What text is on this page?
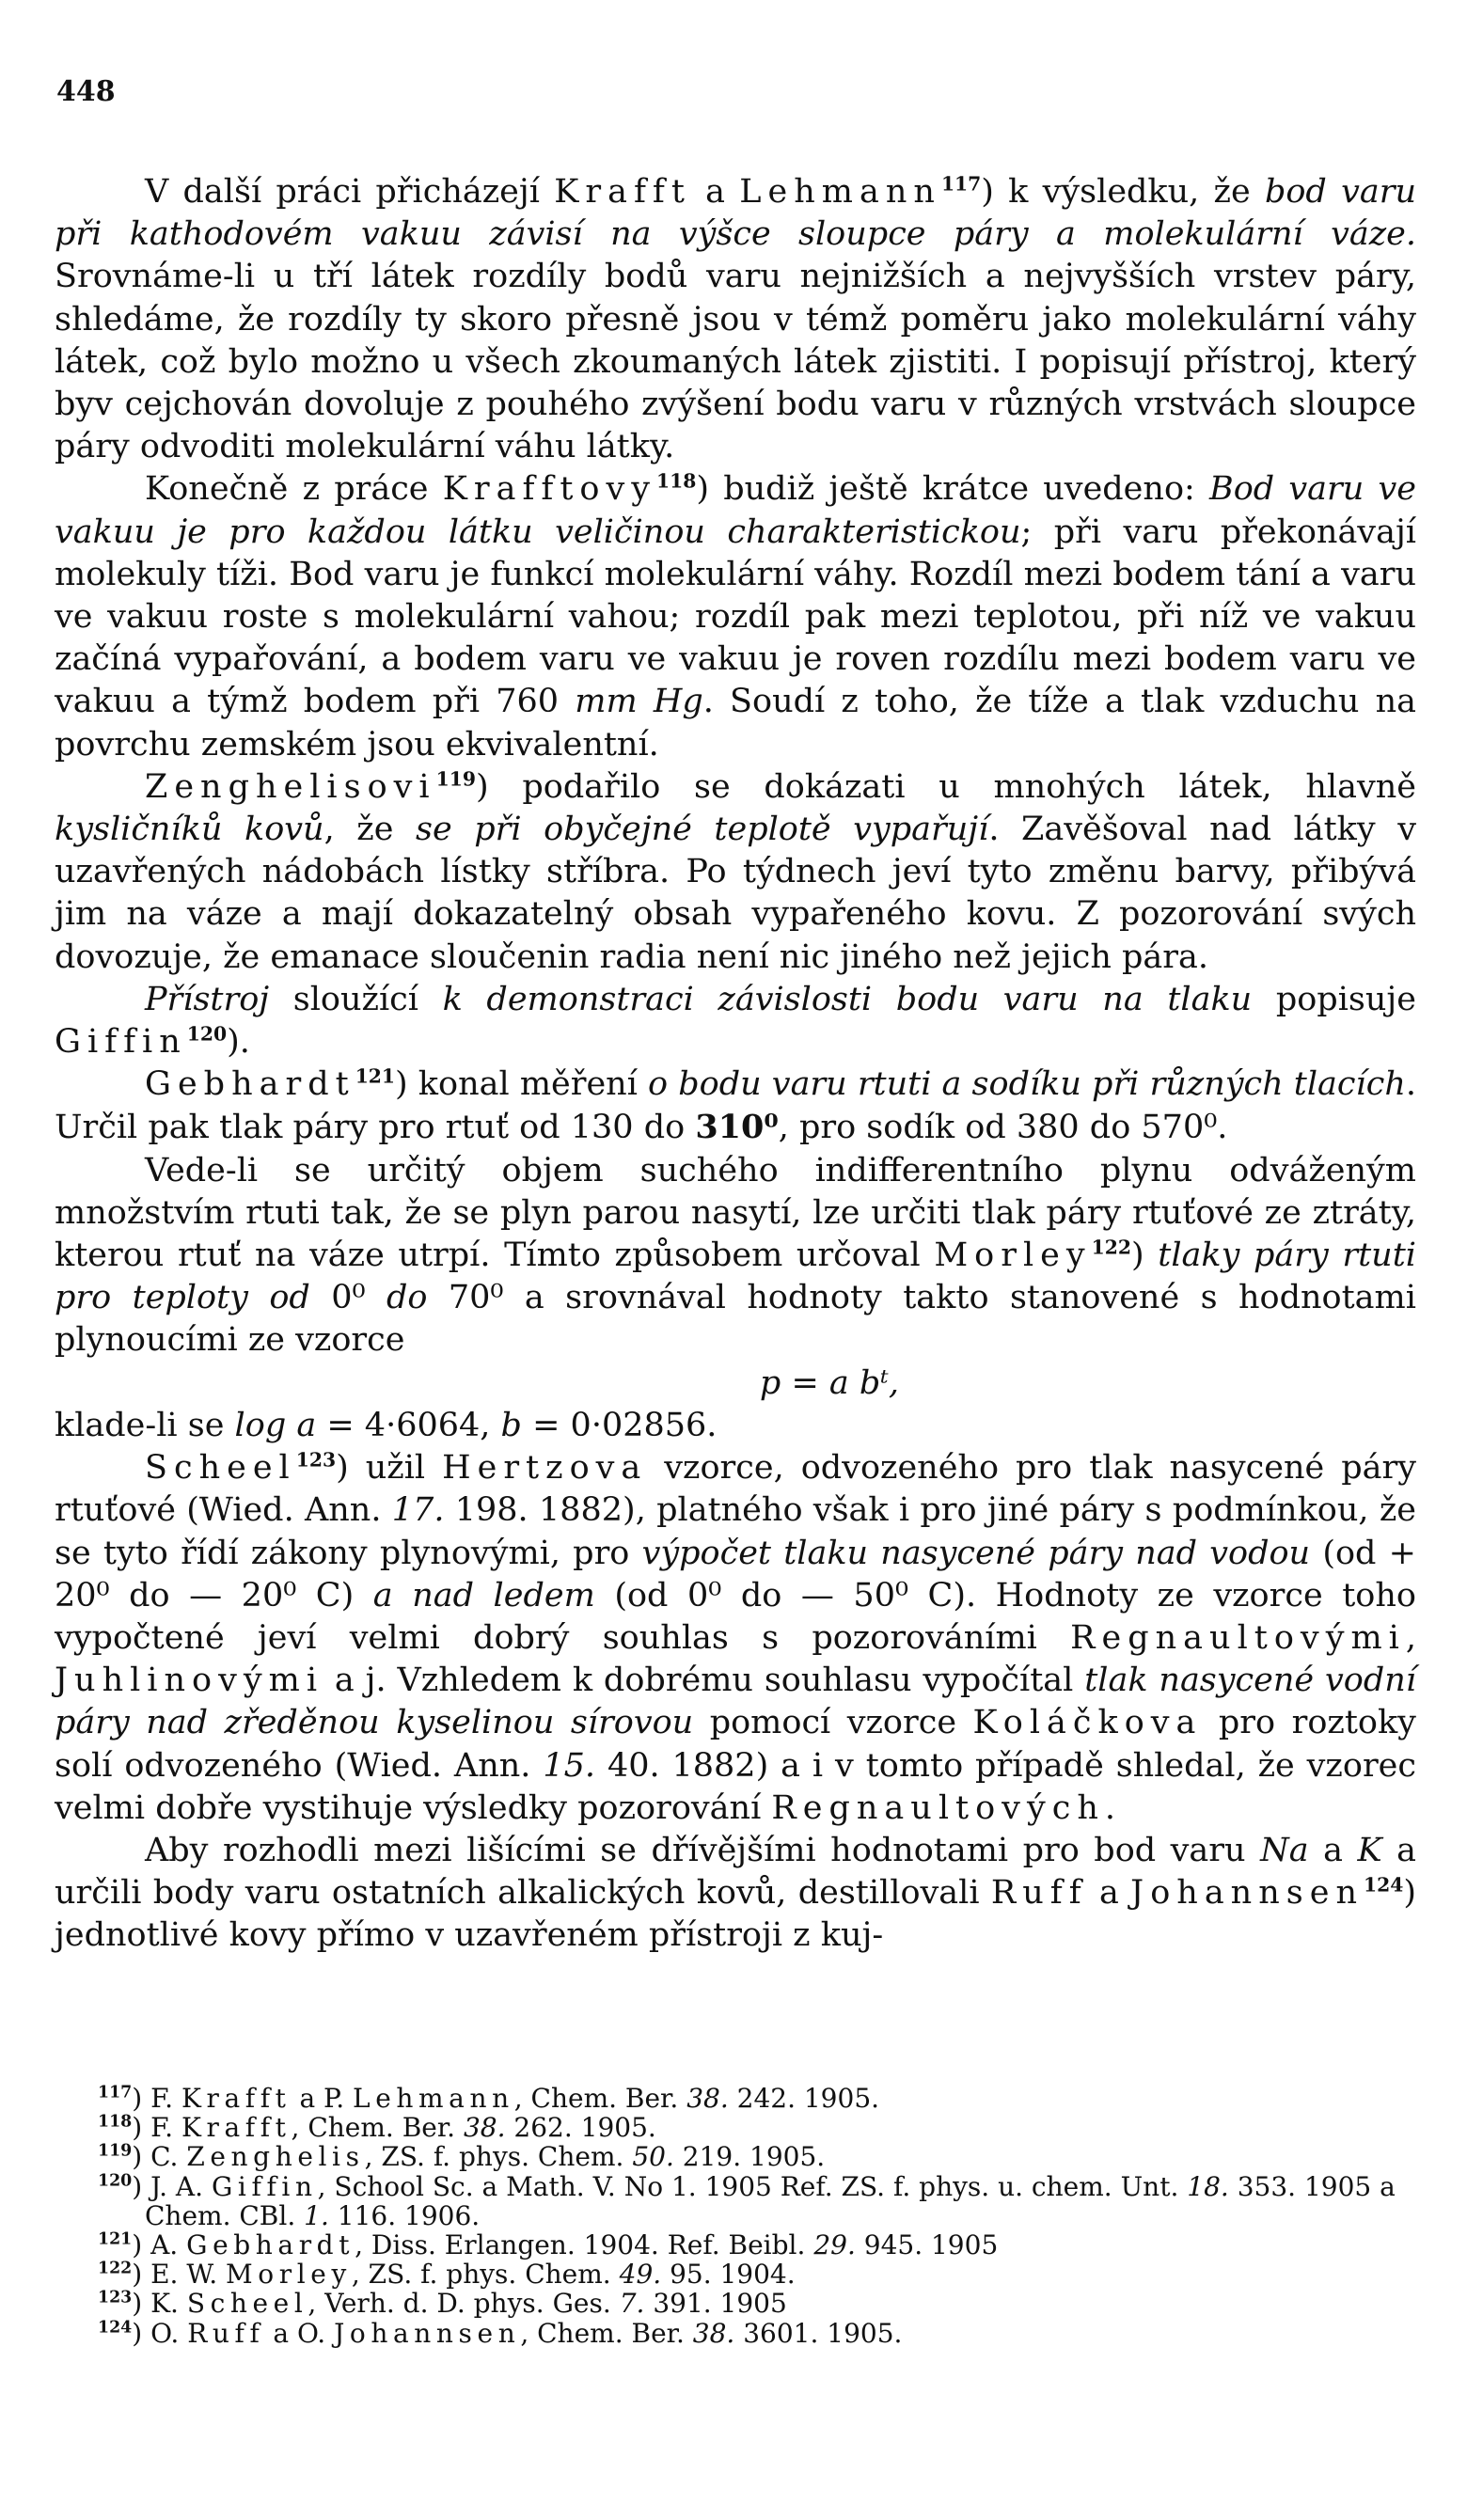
448

V další práci přicházejí Krafft a Lehmann$^{117}$) k výsledku, že bod varu při kathodovém vakuu závisí na výšce sloupce páry a molekulární váze. Srovnáme-li u tří látek rozdíly bodů varu nejnižších a nejvyšších vrstev páry, shledáme, že rozdíly ty skoro přesně jsou v témž poměru jako molekulární váhy látek, což bylo možno u všech zkoumaných látek zjistiti. I popisují přístroj, který byv cejchován dovoluje z pouhého zvýšení bodu varu v různých vrstvách sloupce páry odvoditi molekulární váhu látky.

Konečně z práce Krafftovy$^{118}$) budiž ještě krátce uvedeno: Bod varu ve vakuu je pro každou látku veličinou charakteristickou; při varu překonávají molekuly tíži. Bod varu je funkcí molekulární váhy. Rozdíl mezi bodem tání a varu ve vakuu roste s molekulární vahou; rozdíl pak mezi teplotou, při níž ve vakuu začíná vypařování, a bodem varu ve vakuu je roven rozdílu mezi bodem varu ve vakuu a týmž bodem při 760 mm Hg. Soudí z toho, že tíže a tlak vzduchu na povrchu zemském jsou ekvivalentní.

Zenghelisovi$^{119}$) podařilo se dokázati u mnohých látek, hlavně kysličníků kovů, že se při obyčejné teplotě vypařují. Zavěšoval nad látky v uzavřených nádobách lístky stříbra. Po týdnech jeví tyto změnu barvy, přibývá jim na váze a mají dokazatelný obsah vypařeného kovu. Z pozorování svých dovozuje, že emanace sloučenin radia není nic jiného než jejich pára.

Přístroj sloužící k demonstraci závislosti bodu varu na tlaku popisuje Giffin$^{120}$).

Gebhardt$^{121}$) konal měření o bodu varu rtuti a sodíku při různých tlacích. Určil pak tlak páry pro rtuť od 130 do 310⁰, pro sodík od 380 do 570⁰.

Vede-li se určitý objem suchého indifferentního plynu odváženým množstvím rtuti tak, že se plyn parou nasytí, lze určiti tlak páry rtuťové ze ztráty, kterou rtuť na váze utrpí. Tímto způsobem určoval Morley$^{122}$) tlaky páry rtuti pro teploty od 0⁰ do 70⁰ a srovnával hodnoty takto stanovené s hodnotami plynoucími ze vzorce

p = a bᵗ,

klade-li se log a = 4·6064, b = 0·02856.

Scheel$^{123}$) užil Hertzova vzorce, odvozeného pro tlak nasycené páry rtuťové (Wied. Ann. 17. 198. 1882), platného však i pro jiné páry s podmínkou, že se tyto řídí zákony plynovými, pro výpočet tlaku nasycené páry nad vodou (od + 20⁰ do — 20⁰ C) a nad ledem (od 0⁰ do — 50⁰ C). Hodnoty ze vzorce toho vypočtené jeví velmi dobrý souhlas s pozorováními Regnaultovými, Juhlinovými a j. Vzhledem k dobrému souhlasu vypočítal tlak nasycené vodní páry nad zředěnou kyselinou sírovou pomocí vzorce Koláčkova pro roztoky solí odvozeného (Wied. Ann. 15. 40. 1882) a i v tomto případě shledal, že vzorec velmi dobře vystihuje výsledky pozorování Regnaultových.

Aby rozhodli mezi lišícími se dřívějšími hodnotami pro bod varu Na a K a určili body varu ostatních alkalických kovů, destillovali Ruff a Johannsen$^{124}$) jednotlivé kovy přímo v uzavřeném přístroji z kuj-

$^{117}$) F. Krafft a P. Lehmann, Chem. Ber. 38. 242. 1905.

$^{118}$) F. Krafft, Chem. Ber. 38. 262. 1905.

$^{119}$) C. Zenghelis, ZS. f. phys. Chem. 50. 219. 1905.

$^{120}$) J. A. Giffin, School Sc. a Math. V. No 1. 1905 Ref. ZS. f. phys. u. chem. Unt. 18. 353. 1905 a Chem. CBl. 1. 116. 1906.

$^{121}$) A. Gebhardt, Diss. Erlangen. 1904. Ref. Beibl. 29. 945. 1905

$^{122}$) E. W. Morley, ZS. f. phys. Chem. 49. 95. 1904.

$^{123}$) K. Scheel, Verh. d. D. phys. Ges. 7. 391. 1905

$^{124}$) O. Ruff a O. Johannsen, Chem. Ber. 38. 3601. 1905.
